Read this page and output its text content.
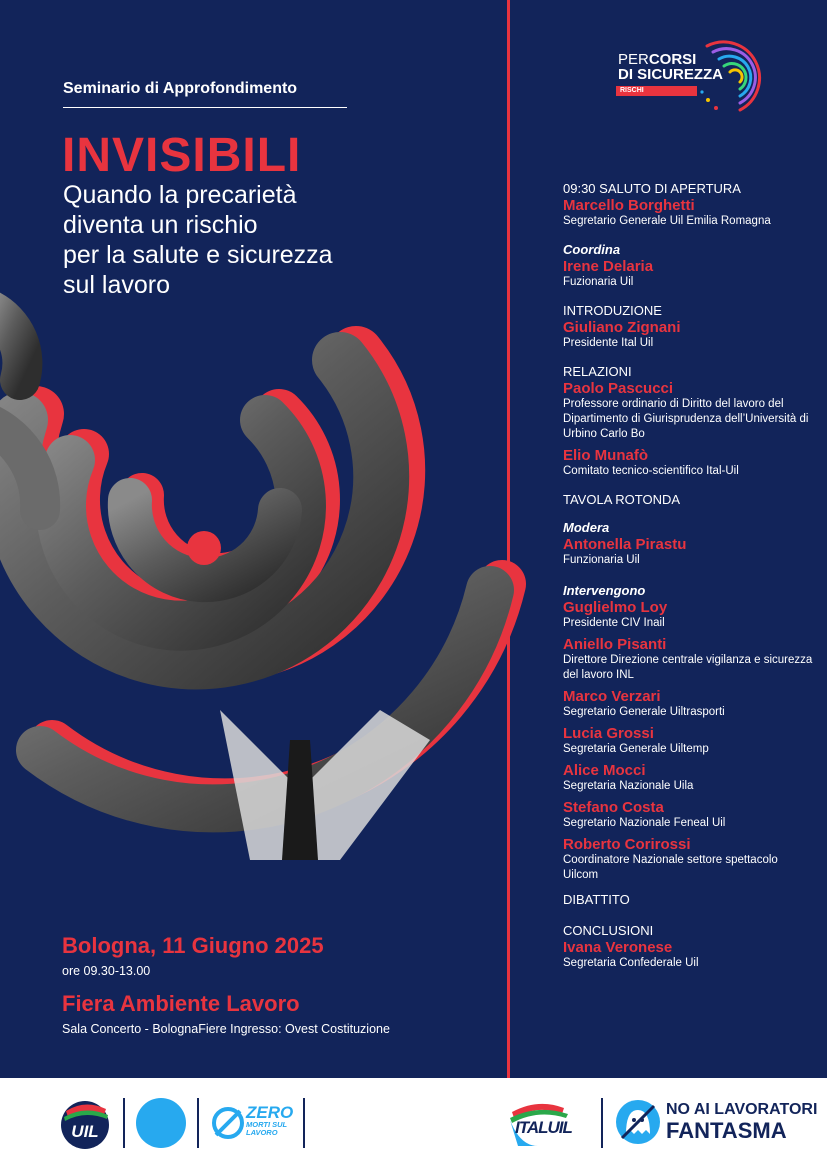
Seminario di Approfondimento
INVISIBILI
Quando la precarietà
diventa un rischio
per la salute e sicurezza
sul lavoro
Bologna, 11 Giugno 2025
ore 09.30-13.00
Fiera Ambiente Lavoro
Sala Concerto - BolognaFiere Ingresso: Ovest Costituzione
PERCORSI
DI SICUREZZA
RISCHI
09:30 SALUTO DI APERTURA
Marcello Borghetti
Segretario Generale Uil Emilia Romagna
Coordina
Irene Delaria
Fuzionaria Uil
INTRODUZIONE
Giuliano Zignani
Presidente Ital Uil
RELAZIONI
Paolo Pascucci
Professore ordinario di Diritto del lavoro del Dipartimento di Giurisprudenza dell’Università di Urbino Carlo Bo
Elio Munafò
Comitato tecnico-scientifico Ital-Uil
TAVOLA ROTONDA
Modera
Antonella Pirastu
Funzionaria Uil
Intervengono
Guglielmo Loy
Presidente CIV Inail
Aniello Pisanti
Direttore Direzione centrale vigilanza e sicurezza del lavoro INL
Marco Verzari
Segretario Generale Uiltrasporti
Lucia Grossi
Segretaria Generale Uiltemp
Alice Mocci
Segretaria Nazionale Uila
Stefano Costa
Segretario Nazionale Feneal Uil
Roberto Corirossi
Coordinatore Nazionale settore spettacolo Uilcom
DIBATTITO
CONCLUSIONI
Ivana Veronese
Segretaria Confederale Uil
UIL
ZERO
MORTI SUL
LAVORO	ITALUIL
NO AI LAVORATORI
FANTASMA
